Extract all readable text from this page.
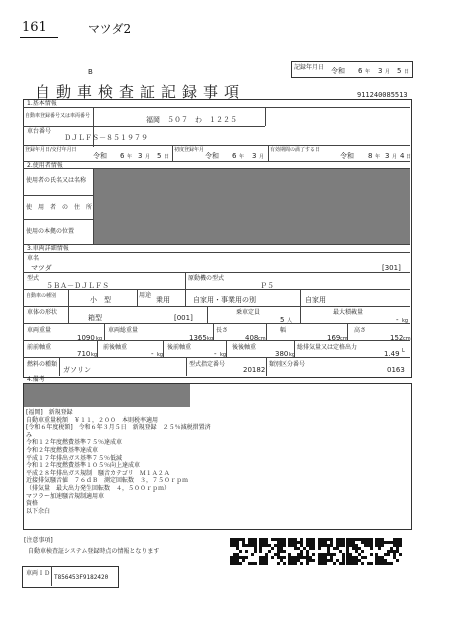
161	マツダ2
記録年月日 令和 6 年 3 月 5 日
B
自動車検査証記録事項	911240085513
1.基本情報
自動車登録番号又は車両番号	福岡　５０７　わ　１２２５
車台番号
ＤＪＬＦＳ－８５１９７９
登録年月日/交付年月日
令和 6 年 3 月 5 日
初度登録年月
令和 6 年 3 月
有効期間の満了する日
令和 8 年 3 月 4 日
2.使用者情報
使用者の氏名又は名称
使　用　者　の　住　所
使用の本拠の位置
3.車両詳細情報
車名
マツダ	[301]
型式
５ＢＡ－ＤＪＬＦＳ
原動機の型式
Ｐ５
自動車の種別	小　型
用途
乗用	自家用・事業用の別	自家用
車体の形状
箱型	[001]
乗車定員
5 人
最大積載量
- kg
車両重量
1090 kg
車両総重量
1365 kg
長さ
408 cm
幅
169 cm
高さ
152 cm
前前軸重
710 kg
前後軸重
- kg
後前軸重
- kg
後後軸重
380 kg
総排気量又は定格出力
1.49 L
燃料の種類
ガソリン
型式指定番号
20182
類別区分番号
0163
4.備考
[福岡]　新規登録
自動車重量税額　￥１１，２００　本則税率適用
[令和６年度税額]　令和６年３月５日　新規登録　２５％減税措置済
み
令和１２年度燃費基準７５％達成車
令和２年度燃費基準達成車
平成１７年排出ガス基準７５％低減
令和１２年度燃費基準１０５％向上達成車
平成２８年排出ガス規制　騒音カテゴリ　Ｍ１Ａ２Ａ
近接排気騒音値　７６ｄＢ　測定回転数　３，７５０ｒｐｍ
（排気量　最大出力発生回転数　４，５００ｒｐｍ）
マフラー加速騒音規制適用車
資格
以下余白
[注意事項]
自動車検査証システム登録時点の情報となります
車両ＩＤ
T856453F9182420
